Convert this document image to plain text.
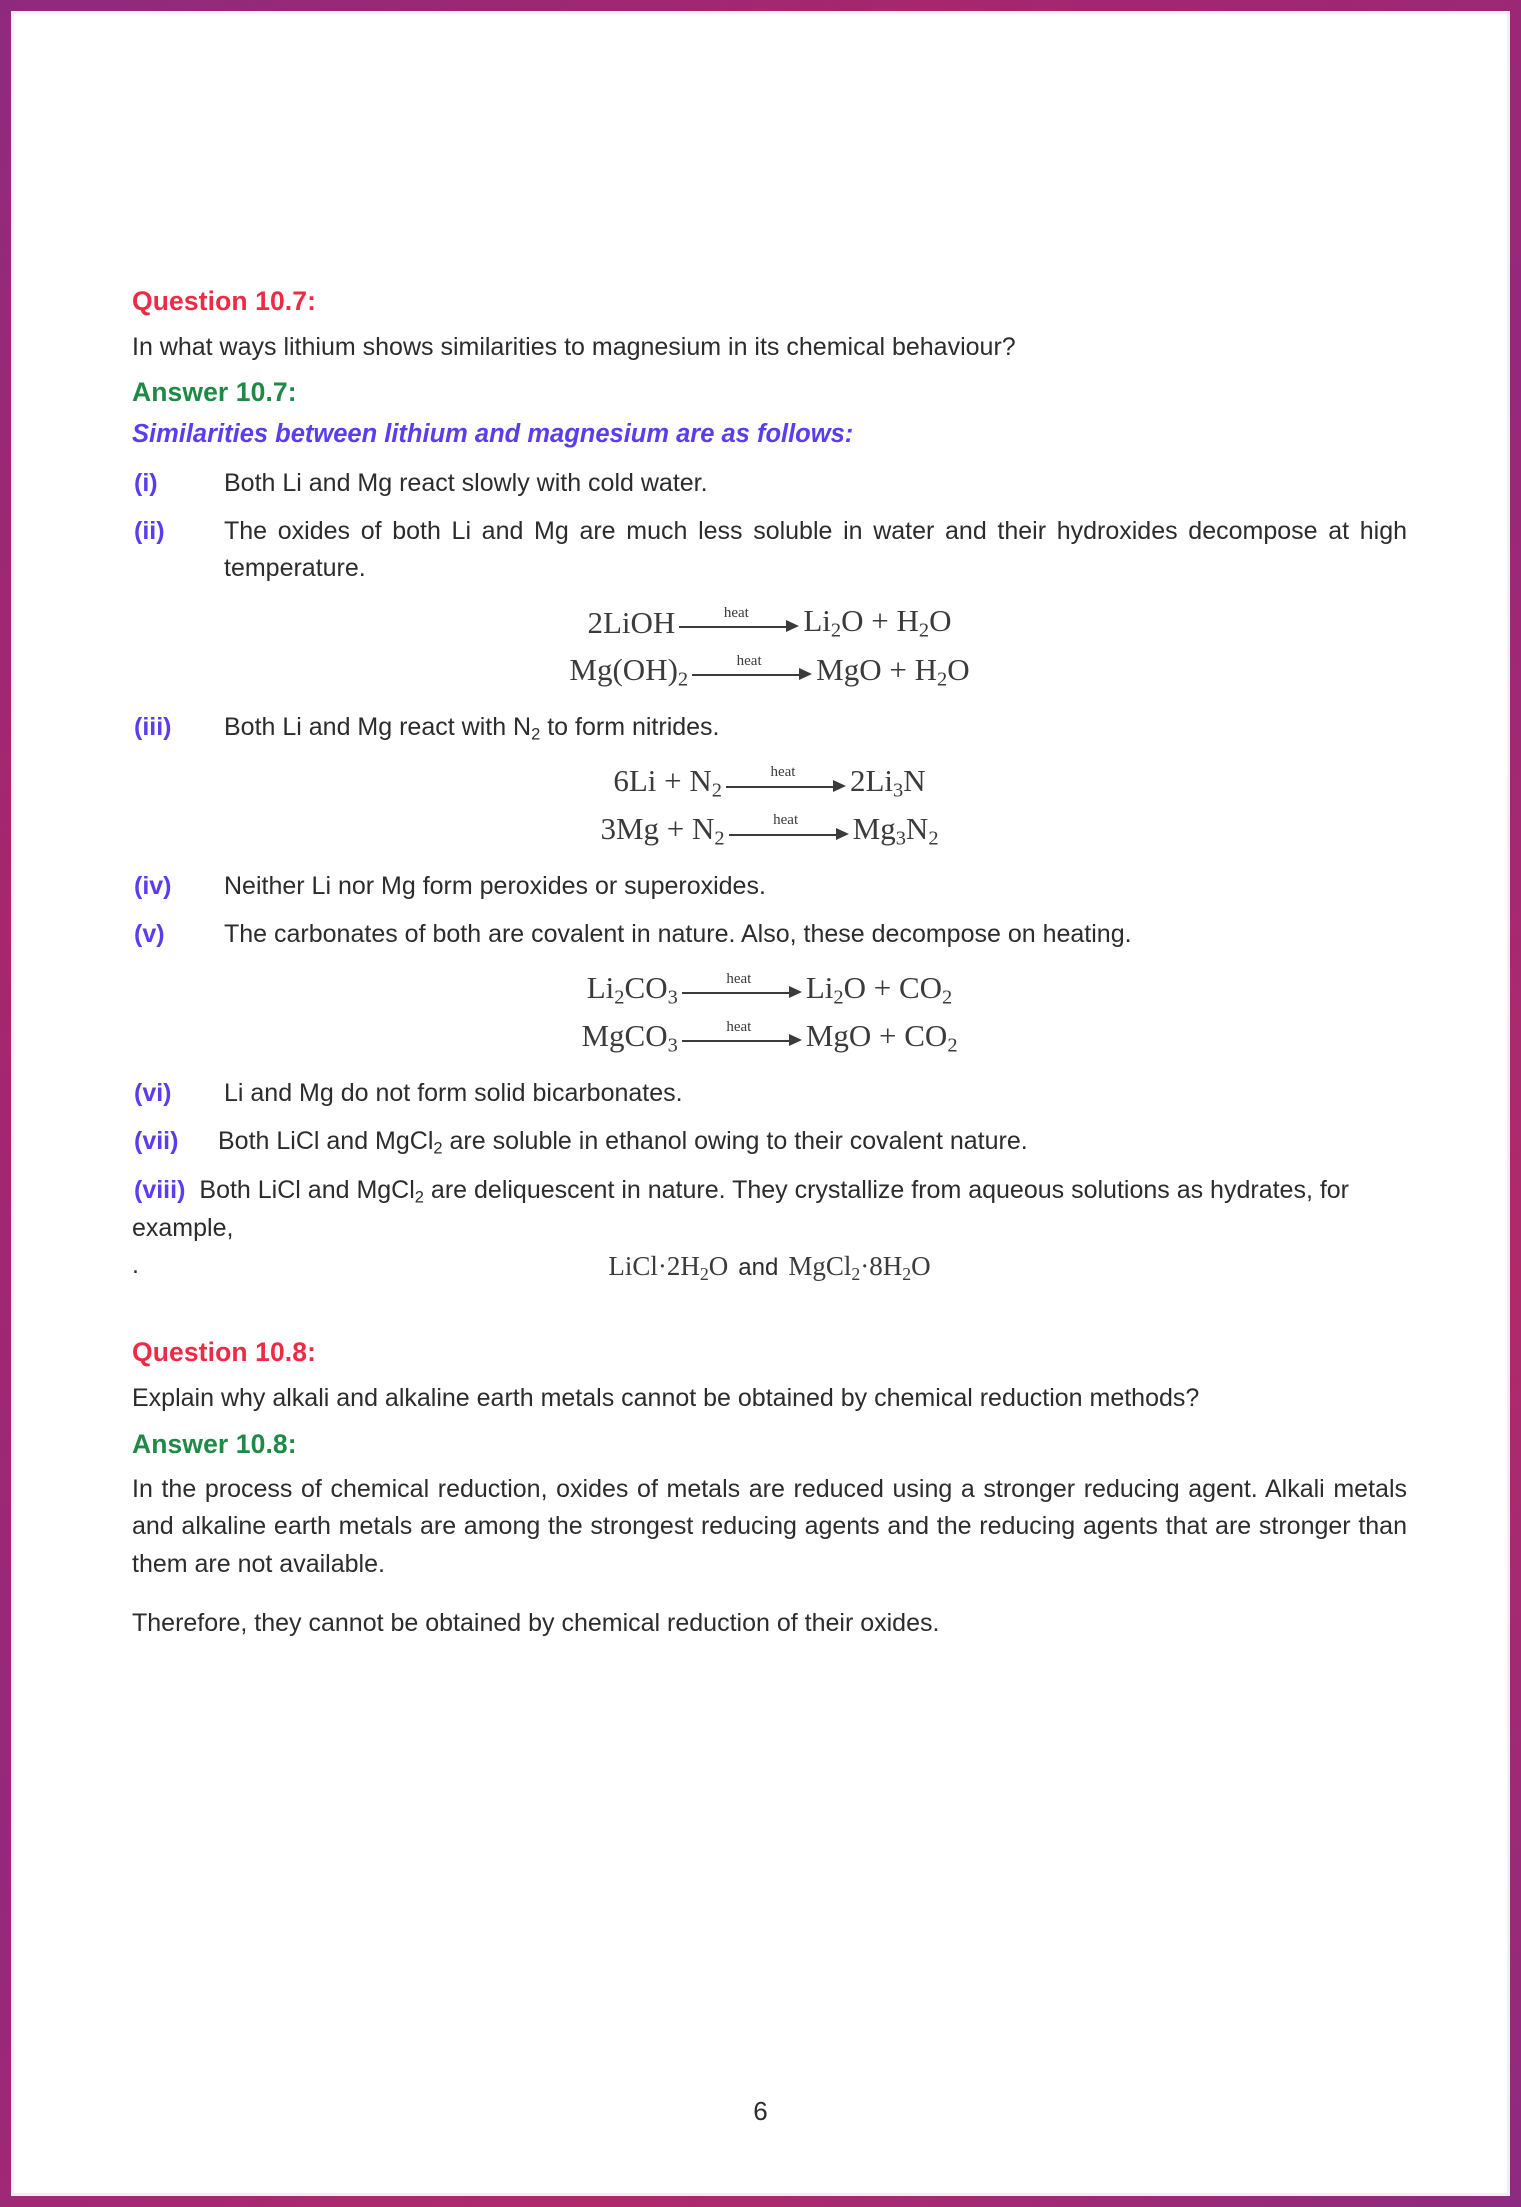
Question 10.7:

In what ways lithium shows similarities to magnesium in its chemical behaviour?

Answer 10.7:

Similarities between lithium and magnesium are as follows:

(i)	Both Li and Mg react slowly with cold water.
(ii)	The oxides of both Li and Mg are much less soluble in water and their hydroxides decompose at high temperature.
2LiOH	heat	$Li_2O + H_2O$
$Mg(OH)_2$
heat	MgO + $H_2O$
(iii)	Both Li and Mg react with $N_2$ to form nitrides.
$6Li + N_2$
heat	$2Li_3N$
$3Mg + N_2$
heat	$Mg_3N_2$
(iv)	Neither Li nor Mg form peroxides or superoxides.
(v)	The carbonates of both are covalent in nature. Also, these decompose on heating.
$Li_2CO_3$
heat	$Li_2O + CO_2$
MgCO$_3$
heat	MgO + $CO_2$
(vi)	Li and Mg do not form solid bicarbonates.
(vii)	Both LiCl and MgCl$_2$ are soluble in ethanol owing to their covalent nature.
(viii) Both LiCl and MgCl$_2$ are deliquescent in nature. They crystallize from aqueous solutions as hydrates, for example,
.	$LiCl\cdot 2H_2O$ and $MgCl_2\cdot 8H_2O$
Question 10.8:

Explain why alkali and alkaline earth metals cannot be obtained by chemical reduction methods?

Answer 10.8:

In the process of chemical reduction, oxides of metals are reduced using a stronger reducing agent. Alkali metals and alkaline earth metals are among the strongest reducing agents and the reducing agents that are stronger than them are not available.

Therefore, they cannot be obtained by chemical reduction of their oxides.

6
